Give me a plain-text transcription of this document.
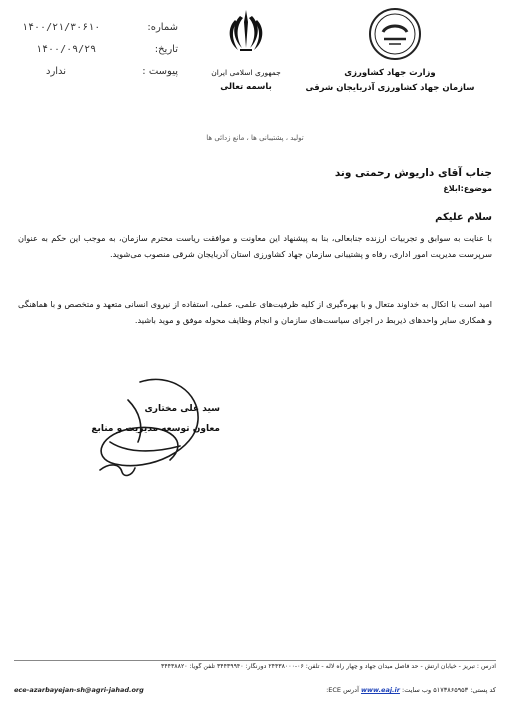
۱۴۰۰/۲۱/۳۰۶۱۰	شماره:
۱۴۰۰/۰۹/۲۹	تاریخ:
ندارد	پیوست :	جمهوری اسلامی ایران
باسمه تعالی
وزارت جهاد کشاورزی
سازمان جهاد کشاورزی آذربایجان شرقی
تولید ، پشتیبانی ها ، مانع زدائی ها
جناب آقای داریوش رحمتی وند
موضوع:ابلاغ
سلام علیکم
با عنایت به سوابق و تجربیات ارزنده جنابعالی، بنا به پیشنهاد این معاونت و موافقت ریاست محترم سازمان، به موجب این حکم به عنوان سرپرست مدیریت امور اداری، رفاه و پشتیبانی سازمان جهاد کشاورزی استان آذربایجان شرقی منصوب می‌شوید.
امید است با اتکال به خداوند متعال و با بهره‌گیری از کلیه ظرفیت‌های علمی، عملی، استفاده از نیروی انسانی متعهد و متخصص و با هماهنگی و همکاری سایر واحدهای ذیربط در اجرای سیاست‌های سازمان و انجام وظایف محوله موفق و موید باشید.
سید علی مختاری
معاون توسعه مدیریت و منابع
آدرس : تبریز - خیابان ارتش - حد فاصل میدان جهاد و چهار راه لاله - تلفن: ۰۶-۲۴۴۳۸۰۰۰ دورنگار: ۳۴۴۳۹۹۴۰ تلفن گویا: ۳۴۴۳۸۸۲۰
ece-azarbayejan-sh@agri-jahad.org	کد پستی: ۵۱۷۳۸۶۵۹۵۳ وب سایت: www.eaj.ir آدرس ECE:
